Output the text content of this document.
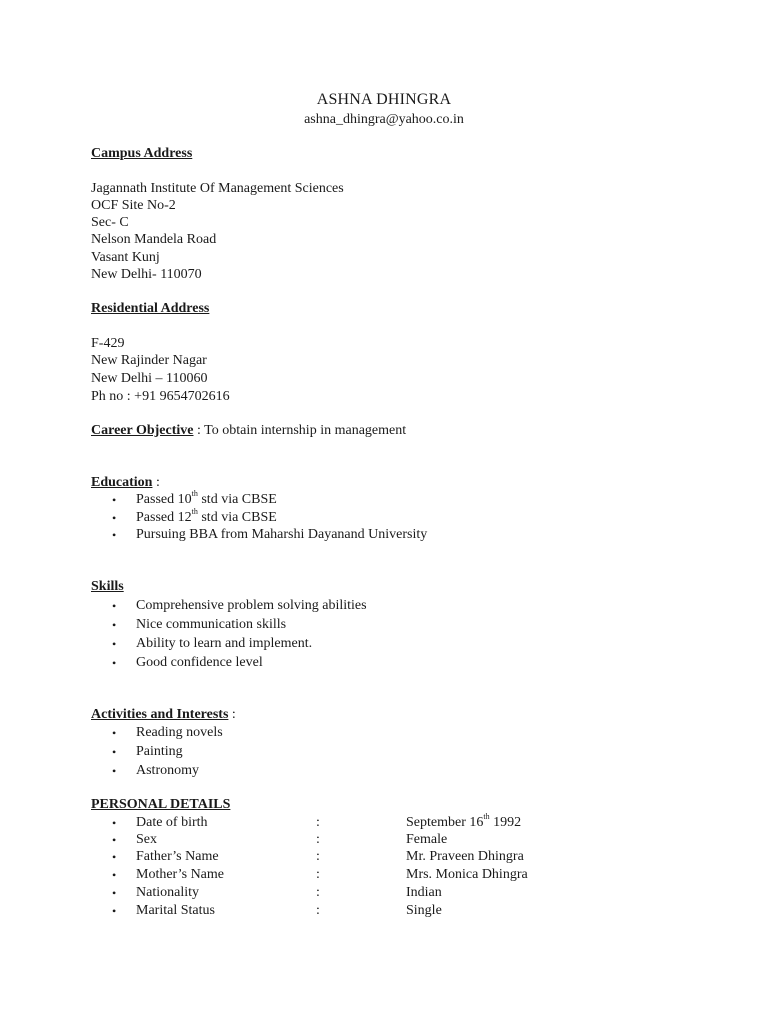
ASHNA DHINGRA
ashna_dhingra@yahoo.co.in
Campus Address
Jagannath Institute Of Management Sciences
OCF Site No-2
Sec- C
Nelson Mandela Road
Vasant Kunj
New Delhi- 110070
Residential Address
F-429
New Rajinder Nagar
New Delhi – 110060
Ph no : +91 9654702616
Career Objective : To obtain internship in management
Education :
• Passed 10th std via CBSE
• Passed 12th std via CBSE
• Pursuing BBA from Maharshi Dayanand University
Skills
• Comprehensive problem solving abilities
• Nice communication skills
• Ability to learn and implement.
• Good confidence level
Activities and Interests :
• Reading novels
• Painting
• Astronomy
PERSONAL DETAILS
• Date of birth	:	September 16th 1992
• Sex	:	Female
• Father’s Name	:	Mr. Praveen Dhingra
• Mother’s Name	:	Mrs. Monica Dhingra
• Nationality	:	Indian
• Marital Status	:	Single
